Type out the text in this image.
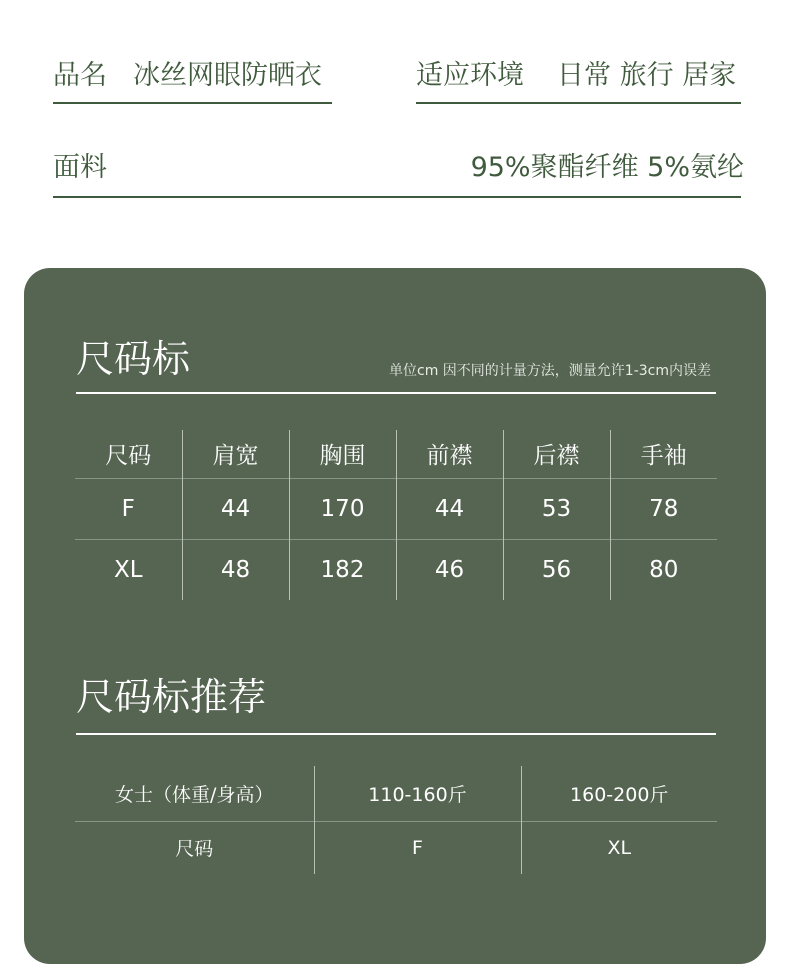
品名 冰丝网眼防晒衣	适应环境 日常 旅行 居家
面料	95%聚酯纤维 5%氨纶
尺码标	单位cm 因不同的计量方法，测量允许1-3cm内误差
尺码	肩宽	胸围	前襟	后襟	手袖
F	44	170	44	53	78
XL	48	182	46	56	80
尺码标推荐
女士（体重/身高）	110-160斤	160-200斤
尺码	F	XL
